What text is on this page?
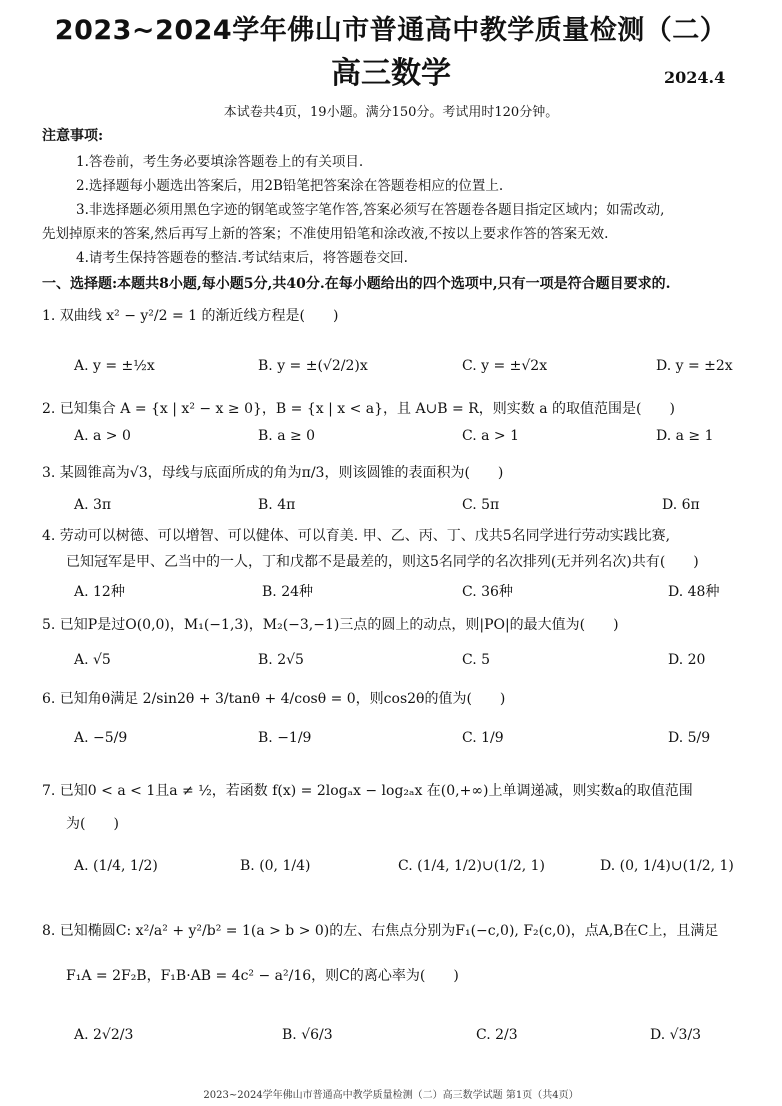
2023~2024学年佛山市普通高中教学质量检测（二）
高三数学	2024.4
本试卷共4页，19小题。满分150分。考试用时120分钟。
注意事项:
1.答卷前，考生务必要填涂答题卷上的有关项目.
2.选择题每小题选出答案后，用2B铅笔把答案涂在答题卷相应的位置上.
3.非选择题必须用黑色字迹的钢笔或签字笔作答,答案必须写在答题卷各题目指定区域内；如需改动,
先划掉原来的答案,然后再写上新的答案；不准使用铅笔和涂改液,不按以上要求作答的答案无效.
4.请考生保持答题卷的整洁.考试结束后，将答题卷交回.
一、选择题:本题共8小题,每小题5分,共40分.在每小题给出的四个选项中,只有一项是符合题目要求的.
1. 双曲线 x² − y²/2 = 1 的渐近线方程是(　　)
A. y = ±½x	B. y = ±(√2/2)x	C. y = ±√2x	D. y = ±2x
2. 已知集合 A = {x | x² − x ≥ 0}，B = {x | x < a}，且 A∪B = R，则实数 a 的取值范围是(　　)
A. a > 0	B. a ≥ 0	C. a > 1	D. a ≥ 1
3. 某圆锥高为√3，母线与底面所成的角为π/3，则该圆锥的表面积为(　　)
A. 3π	B. 4π	C. 5π	D. 6π
4. 劳动可以树德、可以增智、可以健体、可以育美. 甲、乙、丙、丁、戊共5名同学进行劳动实践比赛,
已知冠军是甲、乙当中的一人，丁和戊都不是最差的，则这5名同学的名次排列(无并列名次)共有(　　)
A. 12种	B. 24种	C. 36种	D. 48种
5. 已知P是过O(0,0)，M₁(−1,3)，M₂(−3,−1)三点的圆上的动点，则|PO|的最大值为(　　)
A. √5	B. 2√5	C. 5	D. 20
6. 已知角θ满足 2/sin2θ + 3/tanθ + 4/cosθ = 0，则cos2θ的值为(　　)
A. −5/9	B. −1/9	C. 1/9	D. 5/9
7. 已知0 < a < 1且a ≠ ½，若函数 f(x) = 2logₐx − log₂ₐx 在(0,+∞)上单调递减，则实数a的取值范围
为(　　)
A. (1/4, 1/2)	B. (0, 1/4)	C. (1/4, 1/2)∪(1/2, 1)	D. (0, 1/4)∪(1/2, 1)
8. 已知椭圆C: x²/a² + y²/b² = 1(a > b > 0)的左、右焦点分别为F₁(−c,0), F₂(c,0)，点A,B在C上，且满足
F₁A = 2F₂B，F₁B·AB = 4c² − a²/16，则C的离心率为(　　)
A. 2√2/3	B. √6/3	C. 2/3	D. √3/3
2023~2024学年佛山市普通高中教学质量检测（二）高三数学试题 第1页（共4页）
